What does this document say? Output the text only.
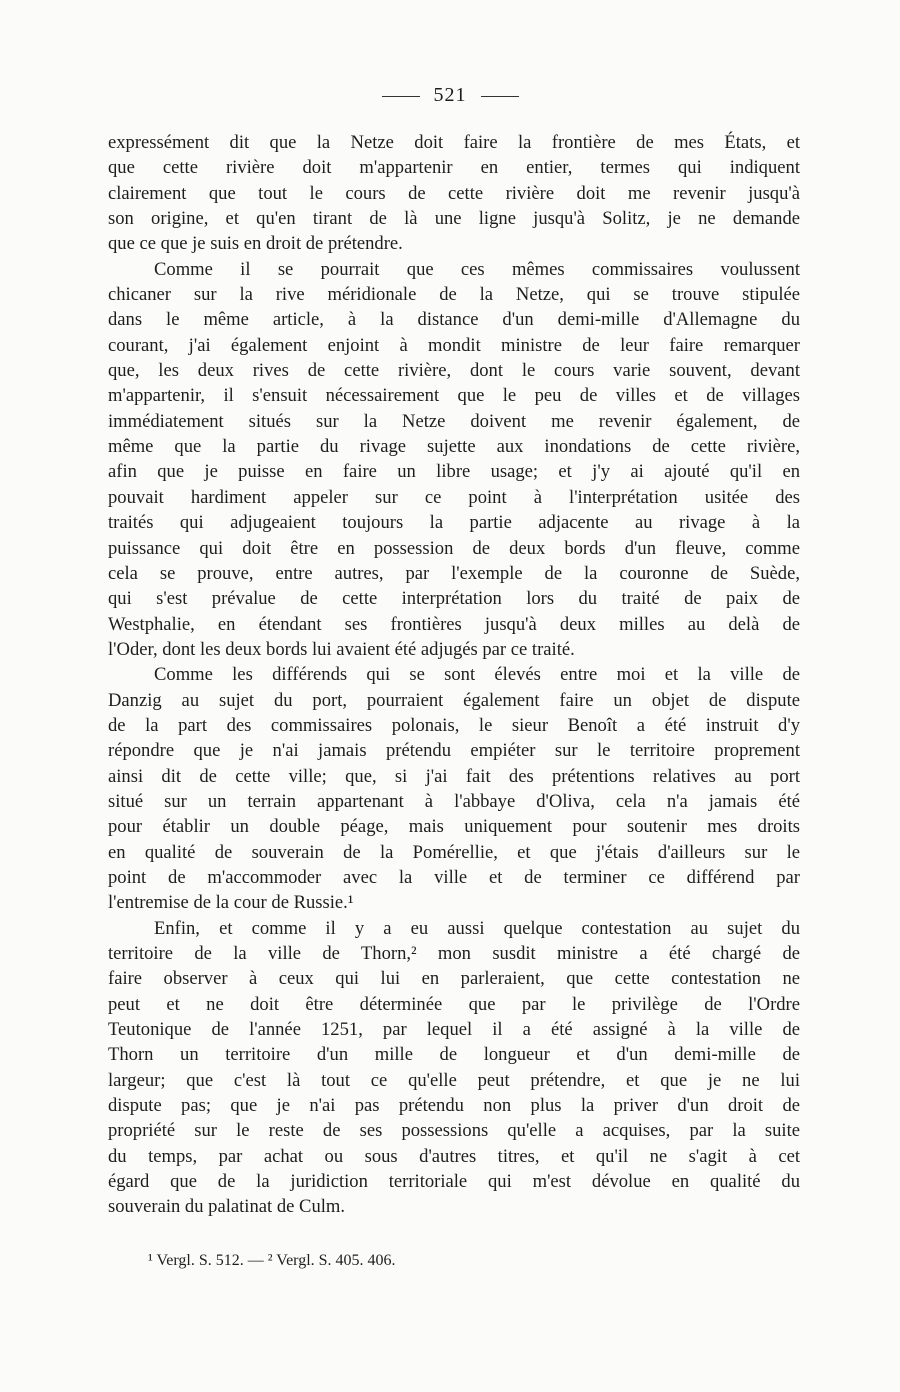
521

expressément dit que la Netze doit faire la frontière de mes États, et
que cette rivière doit m'appartenir en entier, termes qui indiquent
clairement que tout le cours de cette rivière doit me revenir jusqu'à
son origine, et qu'en tirant de là une ligne jusqu'à Solitz, je ne demande
que ce que je suis en droit de prétendre.

Comme il se pourrait que ces mêmes commissaires voulussent
chicaner sur la rive méridionale de la Netze, qui se trouve stipulée
dans le même article, à la distance d'un demi-mille d'Allemagne du
courant, j'ai également enjoint à mondit ministre de leur faire remarquer
que, les deux rives de cette rivière, dont le cours varie souvent, devant
m'appartenir, il s'ensuit nécessairement que le peu de villes et de villages
immédiatement situés sur la Netze doivent me revenir également, de
même que la partie du rivage sujette aux inondations de cette rivière,
afin que je puisse en faire un libre usage; et j'y ai ajouté qu'il en
pouvait hardiment appeler sur ce point à l'interprétation usitée des
traités qui adjugeaient toujours la partie adjacente au rivage à la
puissance qui doit être en possession de deux bords d'un fleuve, comme
cela se prouve, entre autres, par l'exemple de la couronne de Suède,
qui s'est prévalue de cette interprétation lors du traité de paix de
Westphalie, en étendant ses frontières jusqu'à deux milles au delà de
l'Oder, dont les deux bords lui avaient été adjugés par ce traité.

Comme les différends qui se sont élevés entre moi et la ville de
Danzig au sujet du port, pourraient également faire un objet de dispute
de la part des commissaires polonais, le sieur Benoît a été instruit d'y
répondre que je n'ai jamais prétendu empiéter sur le territoire proprement
ainsi dit de cette ville; que, si j'ai fait des prétentions relatives au port
situé sur un terrain appartenant à l'abbaye d'Oliva, cela n'a jamais été
pour établir un double péage, mais uniquement pour soutenir mes droits
en qualité de souverain de la Pomérellie, et que j'étais d'ailleurs sur le
point de m'accommoder avec la ville et de terminer ce différend par
l'entremise de la cour de Russie.¹

Enfin, et comme il y a eu aussi quelque contestation au sujet du
territoire de la ville de Thorn,² mon susdit ministre a été chargé de
faire observer à ceux qui lui en parleraient, que cette contestation ne
peut et ne doit être déterminée que par le privilège de l'Ordre
Teutonique de l'année 1251, par lequel il a été assigné à la ville de
Thorn un territoire d'un mille de longueur et d'un demi-mille de
largeur; que c'est là tout ce qu'elle peut prétendre, et que je ne lui
dispute pas; que je n'ai pas prétendu non plus la priver d'un droit de
propriété sur le reste de ses possessions qu'elle a acquises, par la suite
du temps, par achat ou sous d'autres titres, et qu'il ne s'agit à cet
égard que de la juridiction territoriale qui m'est dévolue en qualité du
souverain du palatinat de Culm.

¹ Vergl. S. 512. — ² Vergl. S. 405. 406.
